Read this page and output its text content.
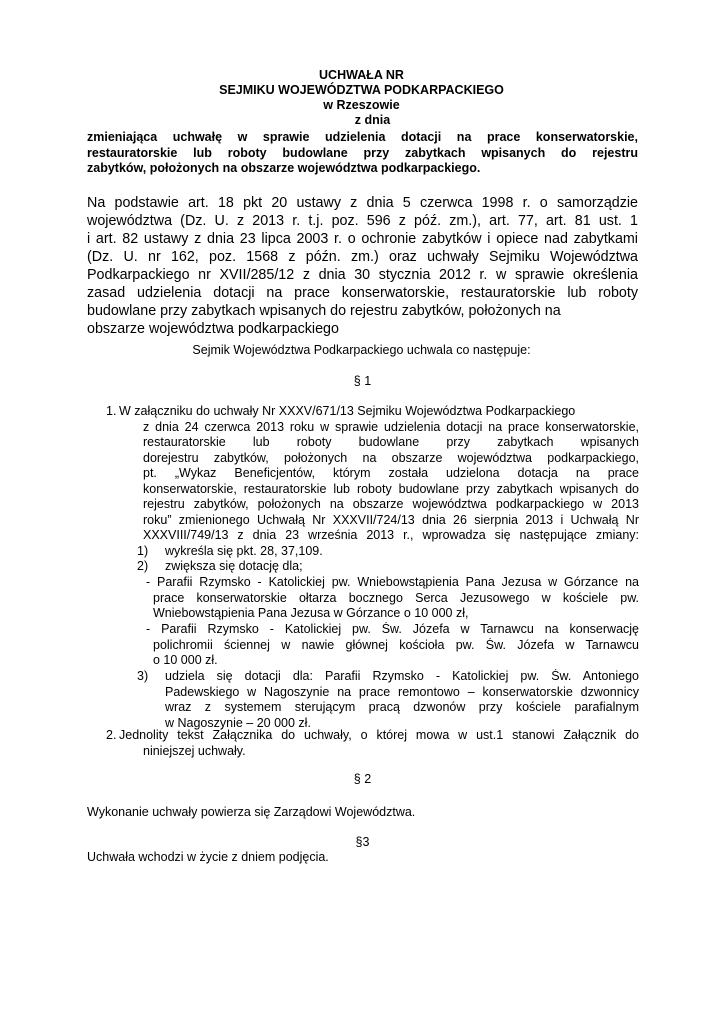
UCHWAŁA NR
SEJMIKU WOJEWÓDZTWA PODKARPACKIEGO
w Rzeszowie
z dnia
zmieniająca uchwałę w sprawie udzielenia dotacji na prace konserwatorskie,
restauratorskie lub roboty budowlane przy zabytkach wpisanych do rejestru
zabytków, położonych na obszarze województwa podkarpackiego.
Na podstawie art. 18 pkt 20 ustawy z dnia 5 czerwca 1998 r. o samorządzie
województwa (Dz. U. z 2013 r. t.j. poz. 596 z póź. zm.), art. 77, art. 81 ust. 1
i art. 82 ustawy z dnia 23 lipca 2003 r. o ochronie zabytków i opiece nad zabytkami
(Dz. U. nr 162, poz. 1568 z późn. zm.) oraz uchwały Sejmiku Województwa
Podkarpackiego nr XVII/285/12 z dnia 30 stycznia 2012 r. w sprawie określenia
zasad udzielenia dotacji na prace konserwatorskie, restauratorskie lub roboty
budowlane przy zabytkach wpisanych do rejestru zabytków, położonych na
obszarze województwa podkarpackiego
Sejmik Województwa Podkarpackiego uchwala co następuje:
§ 1
1. W załączniku do uchwały Nr XXXV/671/13 Sejmiku Województwa Podkarpackiego
z dnia 24 czerwca 2013 roku w sprawie udzielenia dotacji na prace konserwatorskie,
restauratorskie lub roboty budowlane przy zabytkach wpisanych
dorejestru zabytków, położonych na obszarze województwa podkarpackiego,
pt. „Wykaz Beneficjentów, którym została udzielona dotacja na prace
konserwatorskie, restauratorskie lub roboty budowlane przy zabytkach wpisanych do
rejestru zabytków, położonych na obszarze województwa podkarpackiego w 2013
roku” zmienionego Uchwałą Nr XXXVII/724/13 dnia 26 sierpnia 2013 i Uchwałą Nr
XXXVIII/749/13 z dnia 23 września 2013 r., wprowadza się następujące zmiany:
1) wykreśla się pkt. 28, 37,109.
2) zwiększa się dotację dla;
- Parafii Rzymsko - Katolickiej pw. Wniebowstąpienia Pana Jezusa w Górzance na
prace konserwatorskie ołtarza bocznego Serca Jezusowego w kościele pw.
Wniebowstąpienia Pana Jezusa w Górzance o 10 000 zł,
- Parafii Rzymsko - Katolickiej pw. Św. Józefa w Tarnawcu na konserwację
polichromii ściennej w nawie głównej kościoła pw. Św. Józefa w Tarnawcu
o 10 000 zł.
3) udziela się dotacji dla: Parafii Rzymsko - Katolickiej pw. Św. Antoniego
Padewskiego w Nagoszynie na prace remontowo – konserwatorskie dzwonnicy
wraz z systemem sterującym pracą dzwonów przy kościele parafialnym
w Nagoszynie – 20 000 zł.
2. Jednolity tekst Załącznika do uchwały, o której mowa w ust.1 stanowi Załącznik do
niniejszej uchwały.
§ 2
Wykonanie uchwały powierza się Zarządowi Województwa.
§3
Uchwała wchodzi w życie z dniem podjęcia.
